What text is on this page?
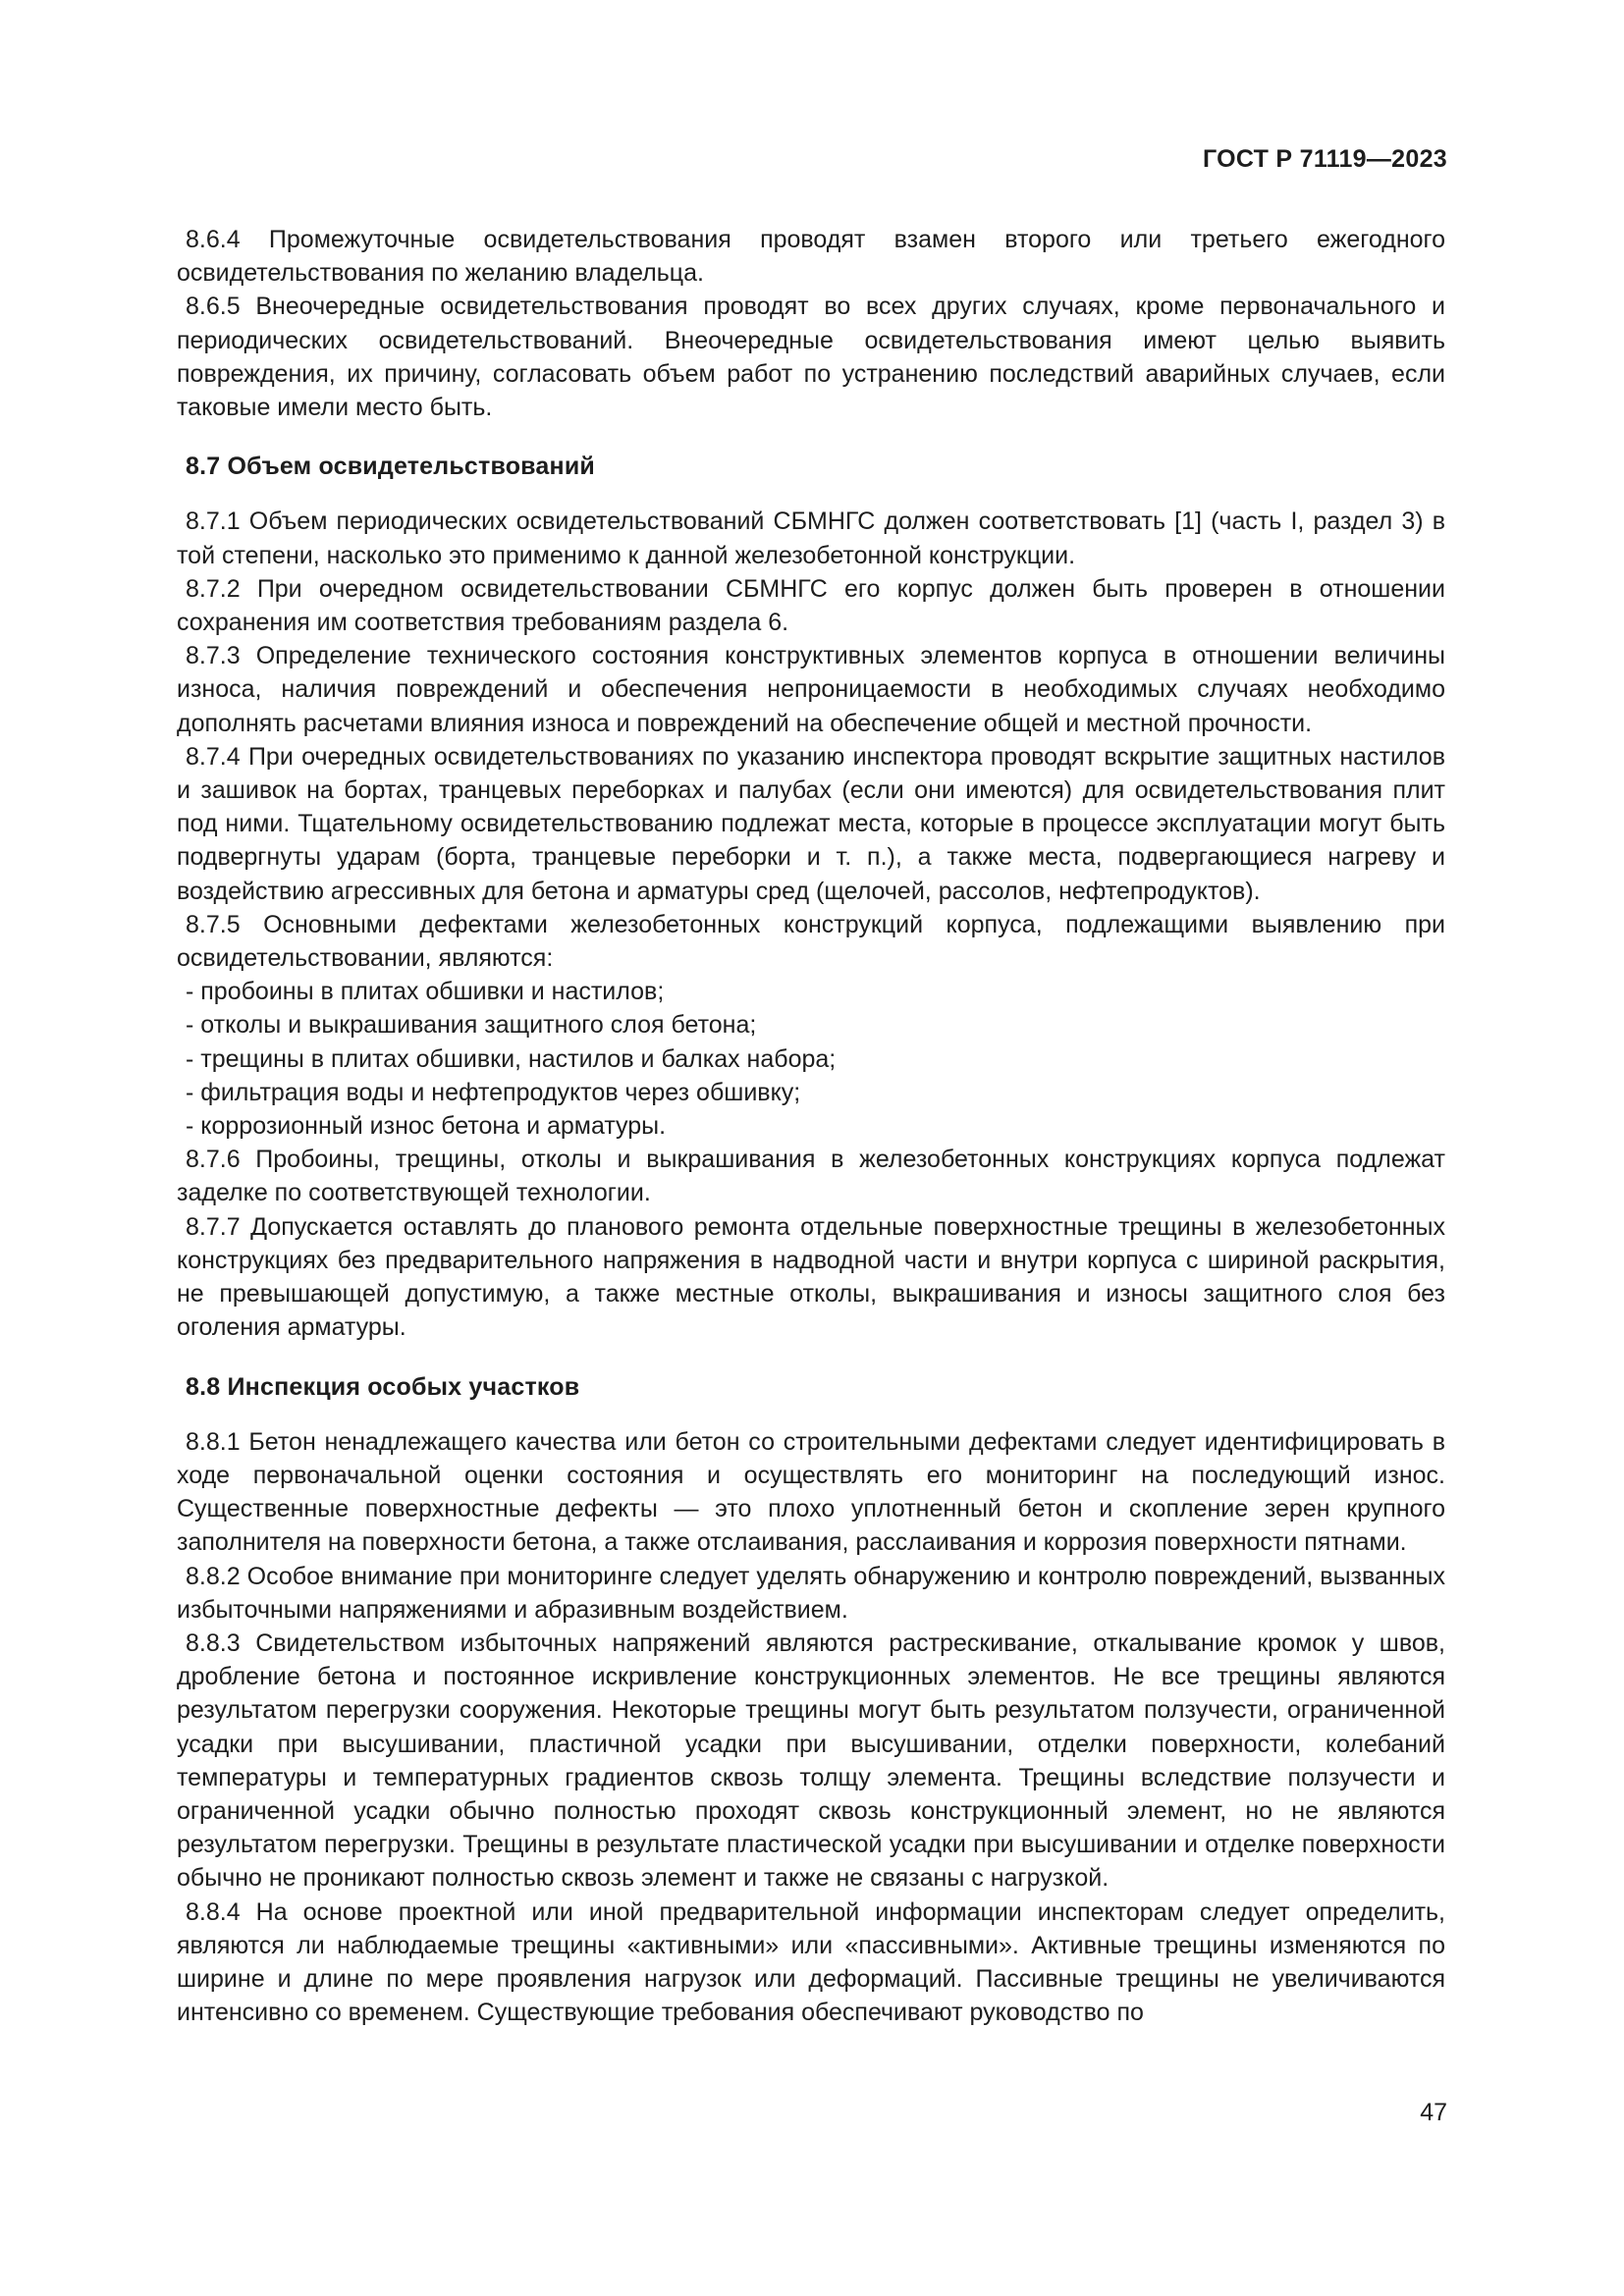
ГОСТ Р 71119—2023

8.6.4 Промежуточные освидетельствования проводят взамен второго или третьего ежегодного освидетельствования по желанию владельца.

8.6.5 Внеочередные освидетельствования проводят во всех других случаях, кроме первоначального и периодических освидетельствований. Внеочередные освидетельствования имеют целью выявить повреждения, их причину, согласовать объем работ по устранению последствий аварийных случаев, если таковые имели место быть.

8.7 Объем освидетельствований

8.7.1 Объем периодических освидетельствований СБМНГС должен соответствовать [1] (часть I, раздел 3) в той степени, насколько это применимо к данной железобетонной конструкции.

8.7.2 При очередном освидетельствовании СБМНГС его корпус должен быть проверен в отношении сохранения им соответствия требованиям раздела 6.

8.7.3 Определение технического состояния конструктивных элементов корпуса в отношении величины износа, наличия повреждений и обеспечения непроницаемости в необходимых случаях необходимо дополнять расчетами влияния износа и повреждений на обеспечение общей и местной прочности.

8.7.4 При очередных освидетельствованиях по указанию инспектора проводят вскрытие защитных настилов и зашивок на бортах, транцевых переборках и палубах (если они имеются) для освидетельствования плит под ними. Тщательному освидетельствованию подлежат места, которые в процессе эксплуатации могут быть подвергнуты ударам (борта, транцевые переборки и т. п.), а также места, подвергающиеся нагреву и воздействию агрессивных для бетона и арматуры сред (щелочей, рассолов, нефтепродуктов).

8.7.5 Основными дефектами железобетонных конструкций корпуса, подлежащими выявлению при освидетельствовании, являются:

- пробоины в плитах обшивки и настилов;
- отколы и выкрашивания защитного слоя бетона;
- трещины в плитах обшивки, настилов и балках набора;
- фильтрация воды и нефтепродуктов через обшивку;
- коррозионный износ бетона и арматуры.

8.7.6 Пробоины, трещины, отколы и выкрашивания в железобетонных конструкциях корпуса подлежат заделке по соответствующей технологии.

8.7.7 Допускается оставлять до планового ремонта отдельные поверхностные трещины в железобетонных конструкциях без предварительного напряжения в надводной части и внутри корпуса с шириной раскрытия, не превышающей допустимую, а также местные отколы, выкрашивания и износы защитного слоя без оголения арматуры.

8.8 Инспекция особых участков

8.8.1 Бетон ненадлежащего качества или бетон со строительными дефектами следует идентифицировать в ходе первоначальной оценки состояния и осуществлять его мониторинг на последующий износ. Существенные поверхностные дефекты — это плохо уплотненный бетон и скопление зерен крупного заполнителя на поверхности бетона, а также отслаивания, расслаивания и коррозия поверхности пятнами.

8.8.2 Особое внимание при мониторинге следует уделять обнаружению и контролю повреждений, вызванных избыточными напряжениями и абразивным воздействием.

8.8.3 Свидетельством избыточных напряжений являются растрескивание, откалывание кромок у швов, дробление бетона и постоянное искривление конструкционных элементов. Не все трещины являются результатом перегрузки сооружения. Некоторые трещины могут быть результатом ползучести, ограниченной усадки при высушивании, пластичной усадки при высушивании, отделки поверхности, колебаний температуры и температурных градиентов сквозь толщу элемента. Трещины вследствие ползучести и ограниченной усадки обычно полностью проходят сквозь конструкционный элемент, но не являются результатом перегрузки. Трещины в результате пластической усадки при высушивании и отделке поверхности обычно не проникают полностью сквозь элемент и также не связаны с нагрузкой.

8.8.4 На основе проектной или иной предварительной информации инспекторам следует определить, являются ли наблюдаемые трещины «активными» или «пассивными». Активные трещины изменяются по ширине и длине по мере проявления нагрузок или деформаций. Пассивные трещины не увеличиваются интенсивно со временем. Существующие требования обеспечивают руководство по

47
